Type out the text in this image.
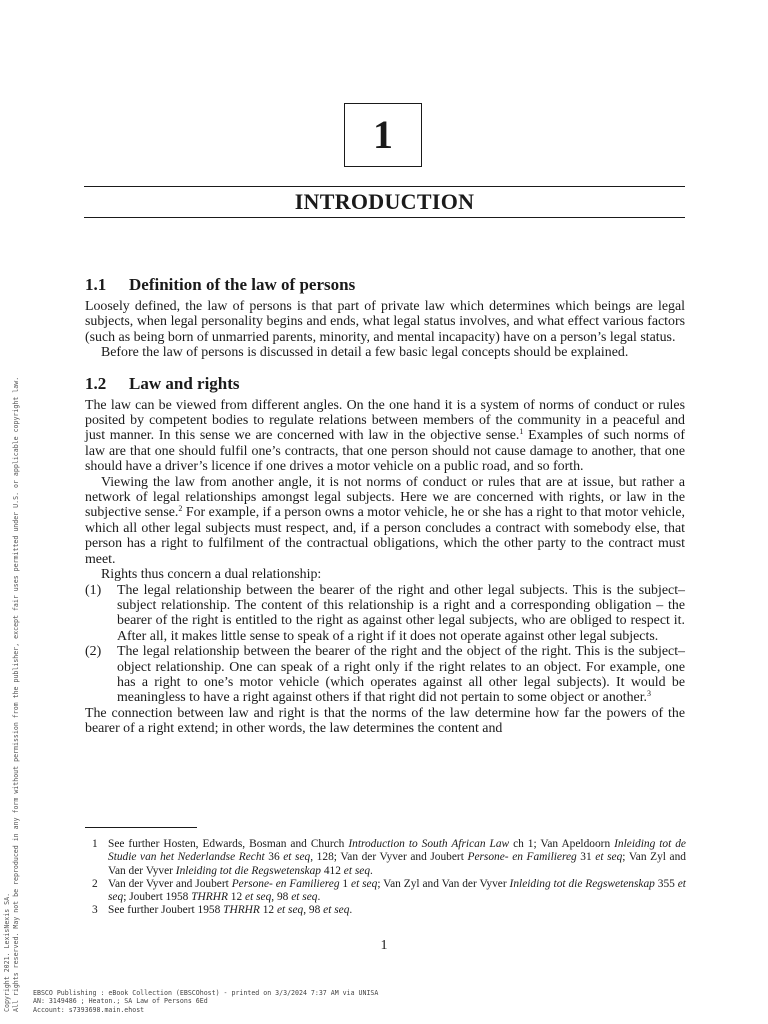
1
INTRODUCTION
1.1 Definition of the law of persons

Loosely defined, the law of persons is that part of private law which determines which beings are legal subjects, when legal personality begins and ends, what legal status involves, and what effect various factors (such as being born of unmarried parents, minority, and mental incapacity) have on a person’s legal status.

Before the law of persons is discussed in detail a few basic legal concepts should be explained.

1.2 Law and rights

The law can be viewed from different angles. On the one hand it is a system of norms of conduct or rules posited by competent bodies to regulate relations between members of the community in a peaceful and just manner. In this sense we are concerned with law in the objective sense.$^1$ Examples of such norms of law are that one should fulfil one’s contracts, that one person should not cause damage to another, that one should have a driver’s licence if one drives a motor vehicle on a public road, and so forth.

Viewing the law from another angle, it is not norms of conduct or rules that are at issue, but rather a network of legal relationships amongst legal subjects. Here we are concerned with rights, or law in the subjective sense.$^2$ For example, if a person owns a motor vehicle, he or she has a right to that motor vehicle, which all other legal subjects must respect, and, if a person concludes a contract with somebody else, that person has a right to fulfilment of the contractual obligations, which the other party to the contract must meet.

Rights thus concern a dual relationship:

(1) The legal relationship between the bearer of the right and other legal subjects. This is the subject–subject relationship. The content of this relationship is a right and a corresponding obligation – the bearer of the right is entitled to the right as against other legal subjects, who are obliged to respect it. After all, it makes little sense to speak of a right if it does not operate against other legal subjects.
(2) The legal relationship between the bearer of the right and the object of the right. This is the subject–object relationship. One can speak of a right only if the right relates to an object. For example, one has a right to one’s motor vehicle (which operates against all other legal subjects). It would be meaningless to have a right against others if that right did not pertain to some object or another.$^3$

The connection between law and right is that the norms of the law determine how far the powers of the bearer of a right extend; in other words, the law determines the content and

1 See further Hosten, Edwards, Bosman and Church Introduction to South African Law ch 1; Van Apeldoorn Inleiding tot de Studie van het Nederlandse Recht 36 et seq, 128; Van der Vyver and Joubert Persone- en Familiereg 31 et seq; Van Zyl and Van der Vyver Inleiding tot die Regswetenskap 412 et seq.

2 Van der Vyver and Joubert Persone- en Familiereg 1 et seq; Van Zyl and Van der Vyver Inleiding tot die Regswetenskap 355 et seq; Joubert 1958 THRHR 12 et seq, 98 et seq.

3 See further Joubert 1958 THRHR 12 et seq, 98 et seq.

1
Copyright 2021. LexisNexis SA. All rights reserved. May not be reproduced in any form without permission from the publisher, except fair uses permitted under U.S. or applicable copyright law. EBSCO Publishing : eBook Collection (EBSCOhost) - printed on 3/3/2024 7:37 AM via UNISA
AN: 3149486 ; Heaton.; SA Law of Persons 6Ed
Account: s7393698.main.ehost
